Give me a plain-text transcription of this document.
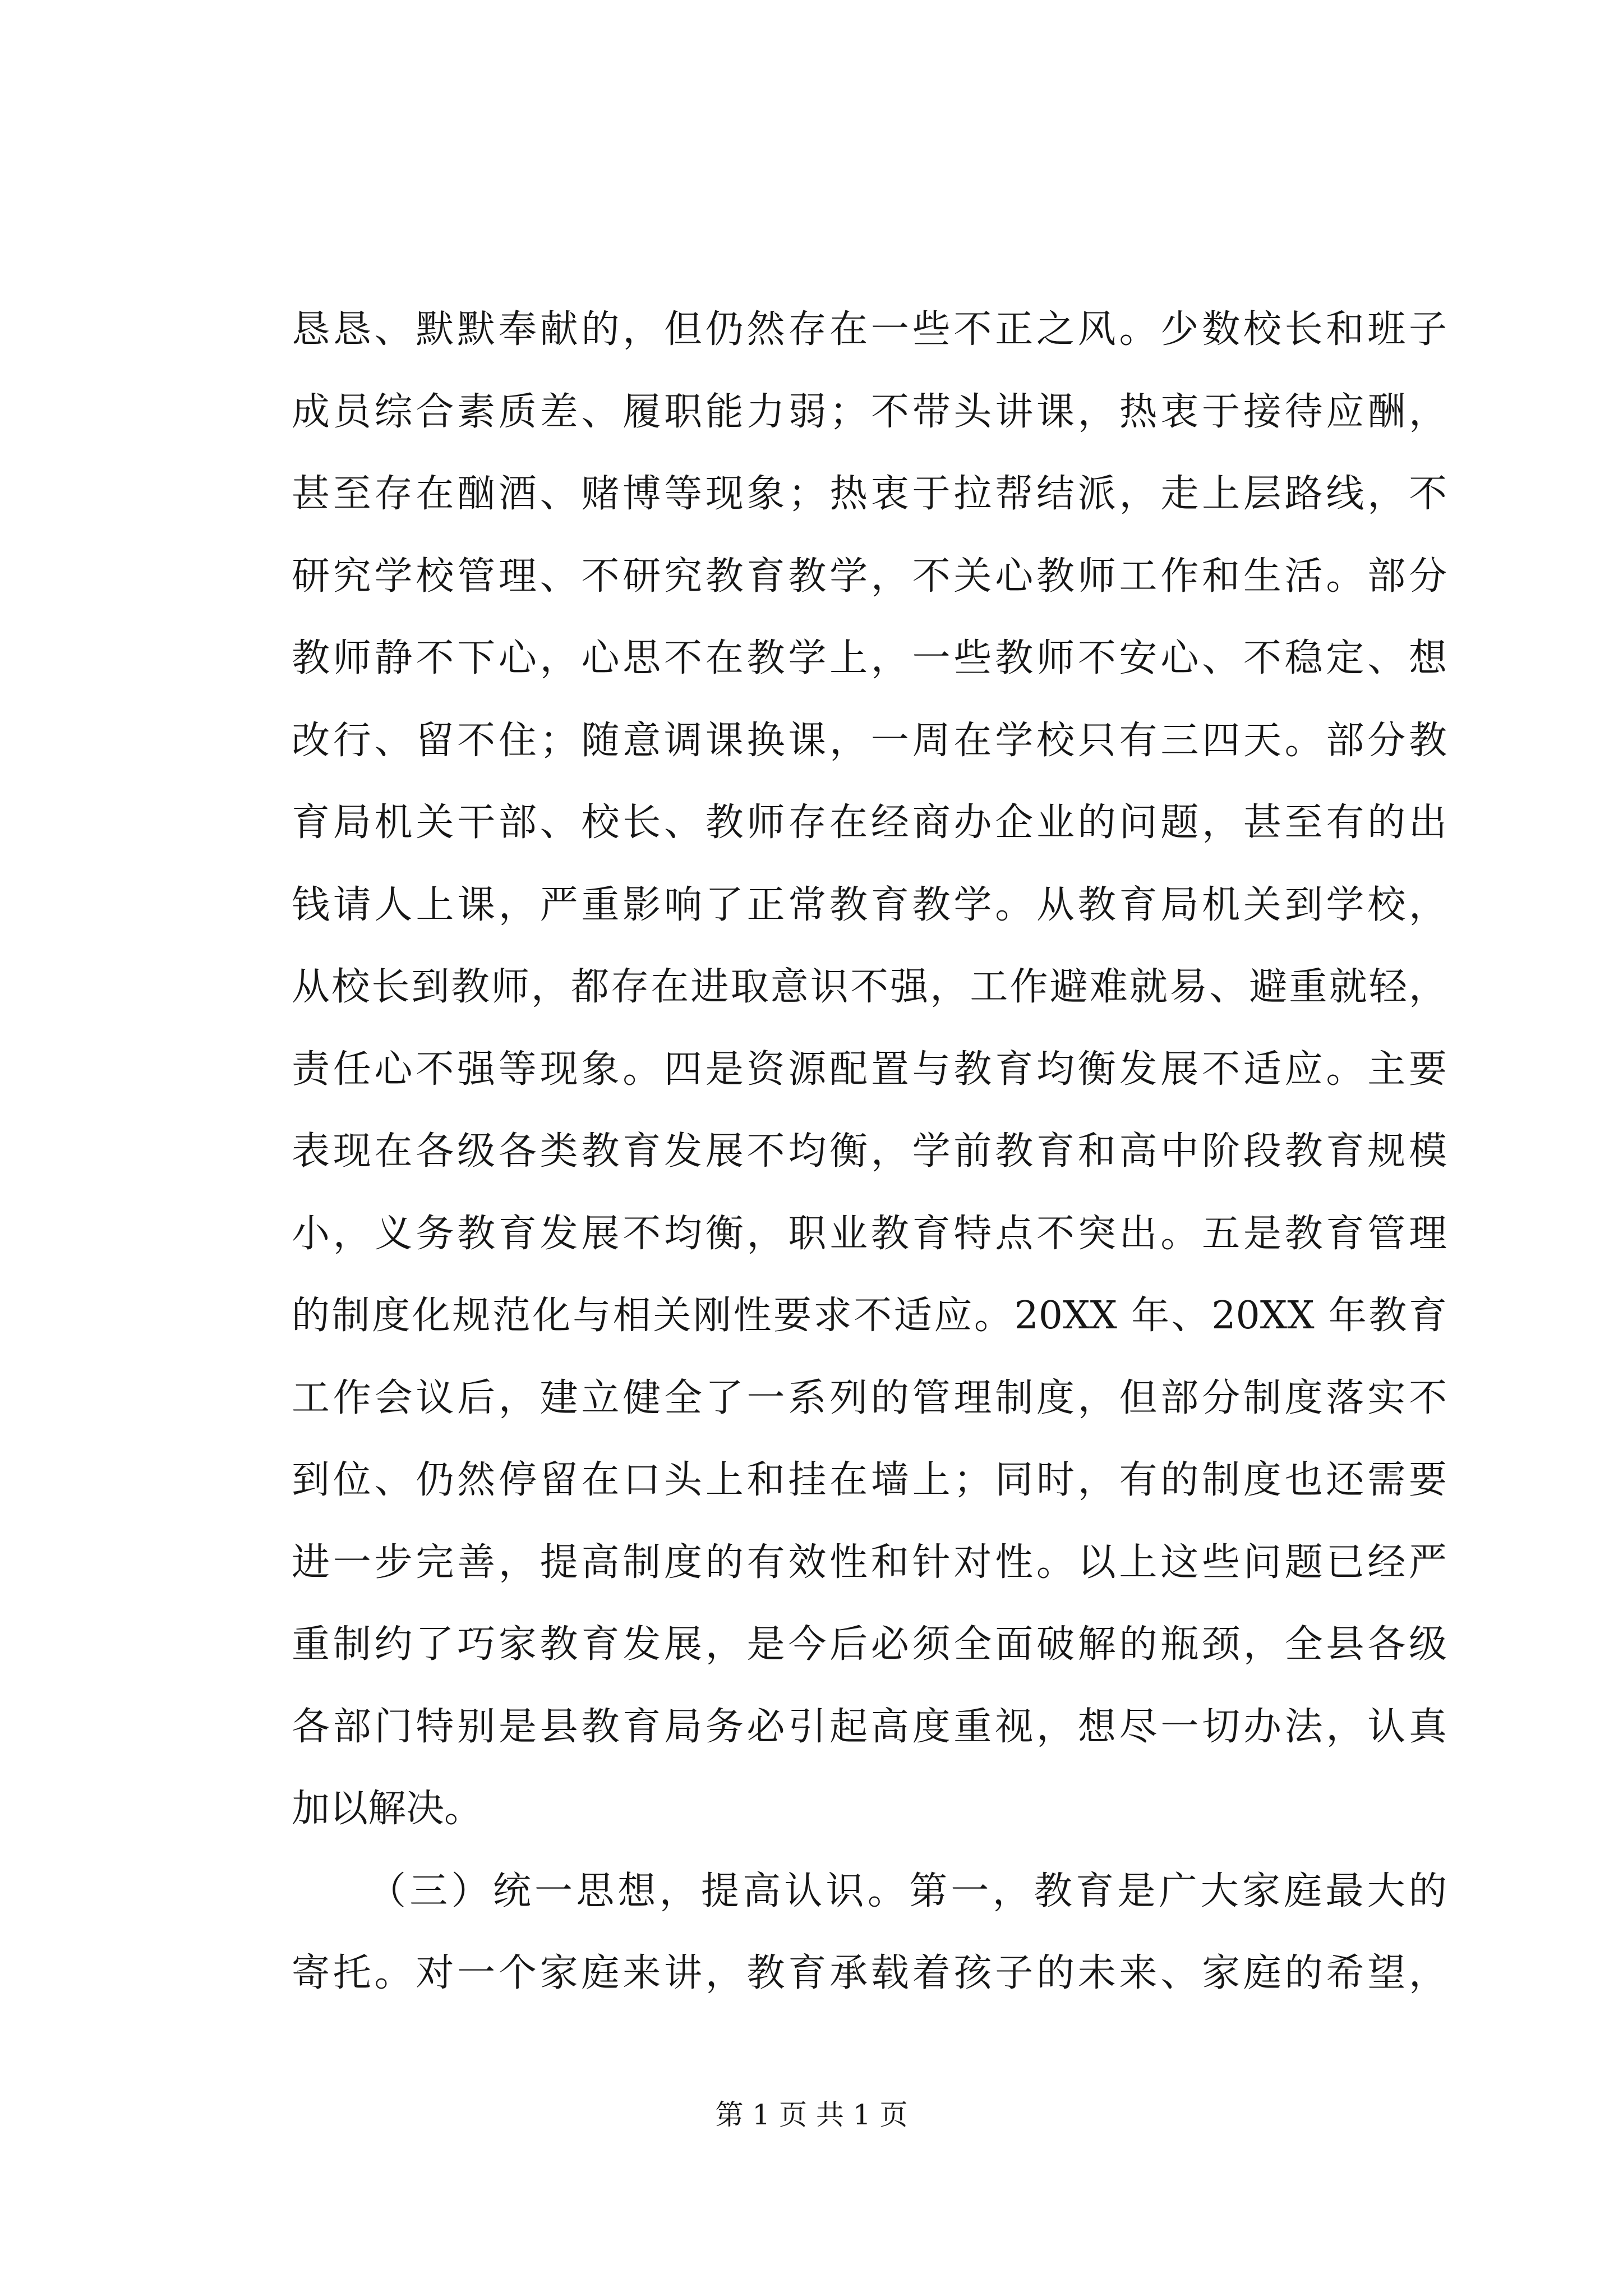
恳恳、默默奉献的，但仍然存在一些不正之风。少数校长和班子
成员综合素质差、履职能力弱；不带头讲课，热衷于接待应酬，
甚至存在酗酒、赌博等现象；热衷于拉帮结派，走上层路线，不
研究学校管理、不研究教育教学，不关心教师工作和生活。部分
教师静不下心，心思不在教学上，一些教师不安心、不稳定、想
改行、留不住；随意调课换课，一周在学校只有三四天。部分教
育局机关干部、校长、教师存在经商办企业的问题，甚至有的出
钱请人上课，严重影响了正常教育教学。从教育局机关到学校，
从校长到教师，都存在进取意识不强，工作避难就易、避重就轻，
责任心不强等现象。四是资源配置与教育均衡发展不适应。主要
表现在各级各类教育发展不均衡，学前教育和高中阶段教育规模
小，义务教育发展不均衡，职业教育特点不突出。五是教育管理
的制度化规范化与相关刚性要求不适应。20XX 年、20XX 年教育
工作会议后，建立健全了一系列的管理制度，但部分制度落实不
到位、仍然停留在口头上和挂在墙上；同时，有的制度也还需要
进一步完善，提高制度的有效性和针对性。以上这些问题已经严
重制约了巧家教育发展，是今后必须全面破解的瓶颈，全县各级
各部门特别是县教育局务必引起高度重视，想尽一切办法，认真
加以解决。
（三）统一思想，提高认识。第一，教育是广大家庭最大的
寄托。对一个家庭来讲，教育承载着孩子的未来、家庭的希望，
第 1 页 共 1 页
